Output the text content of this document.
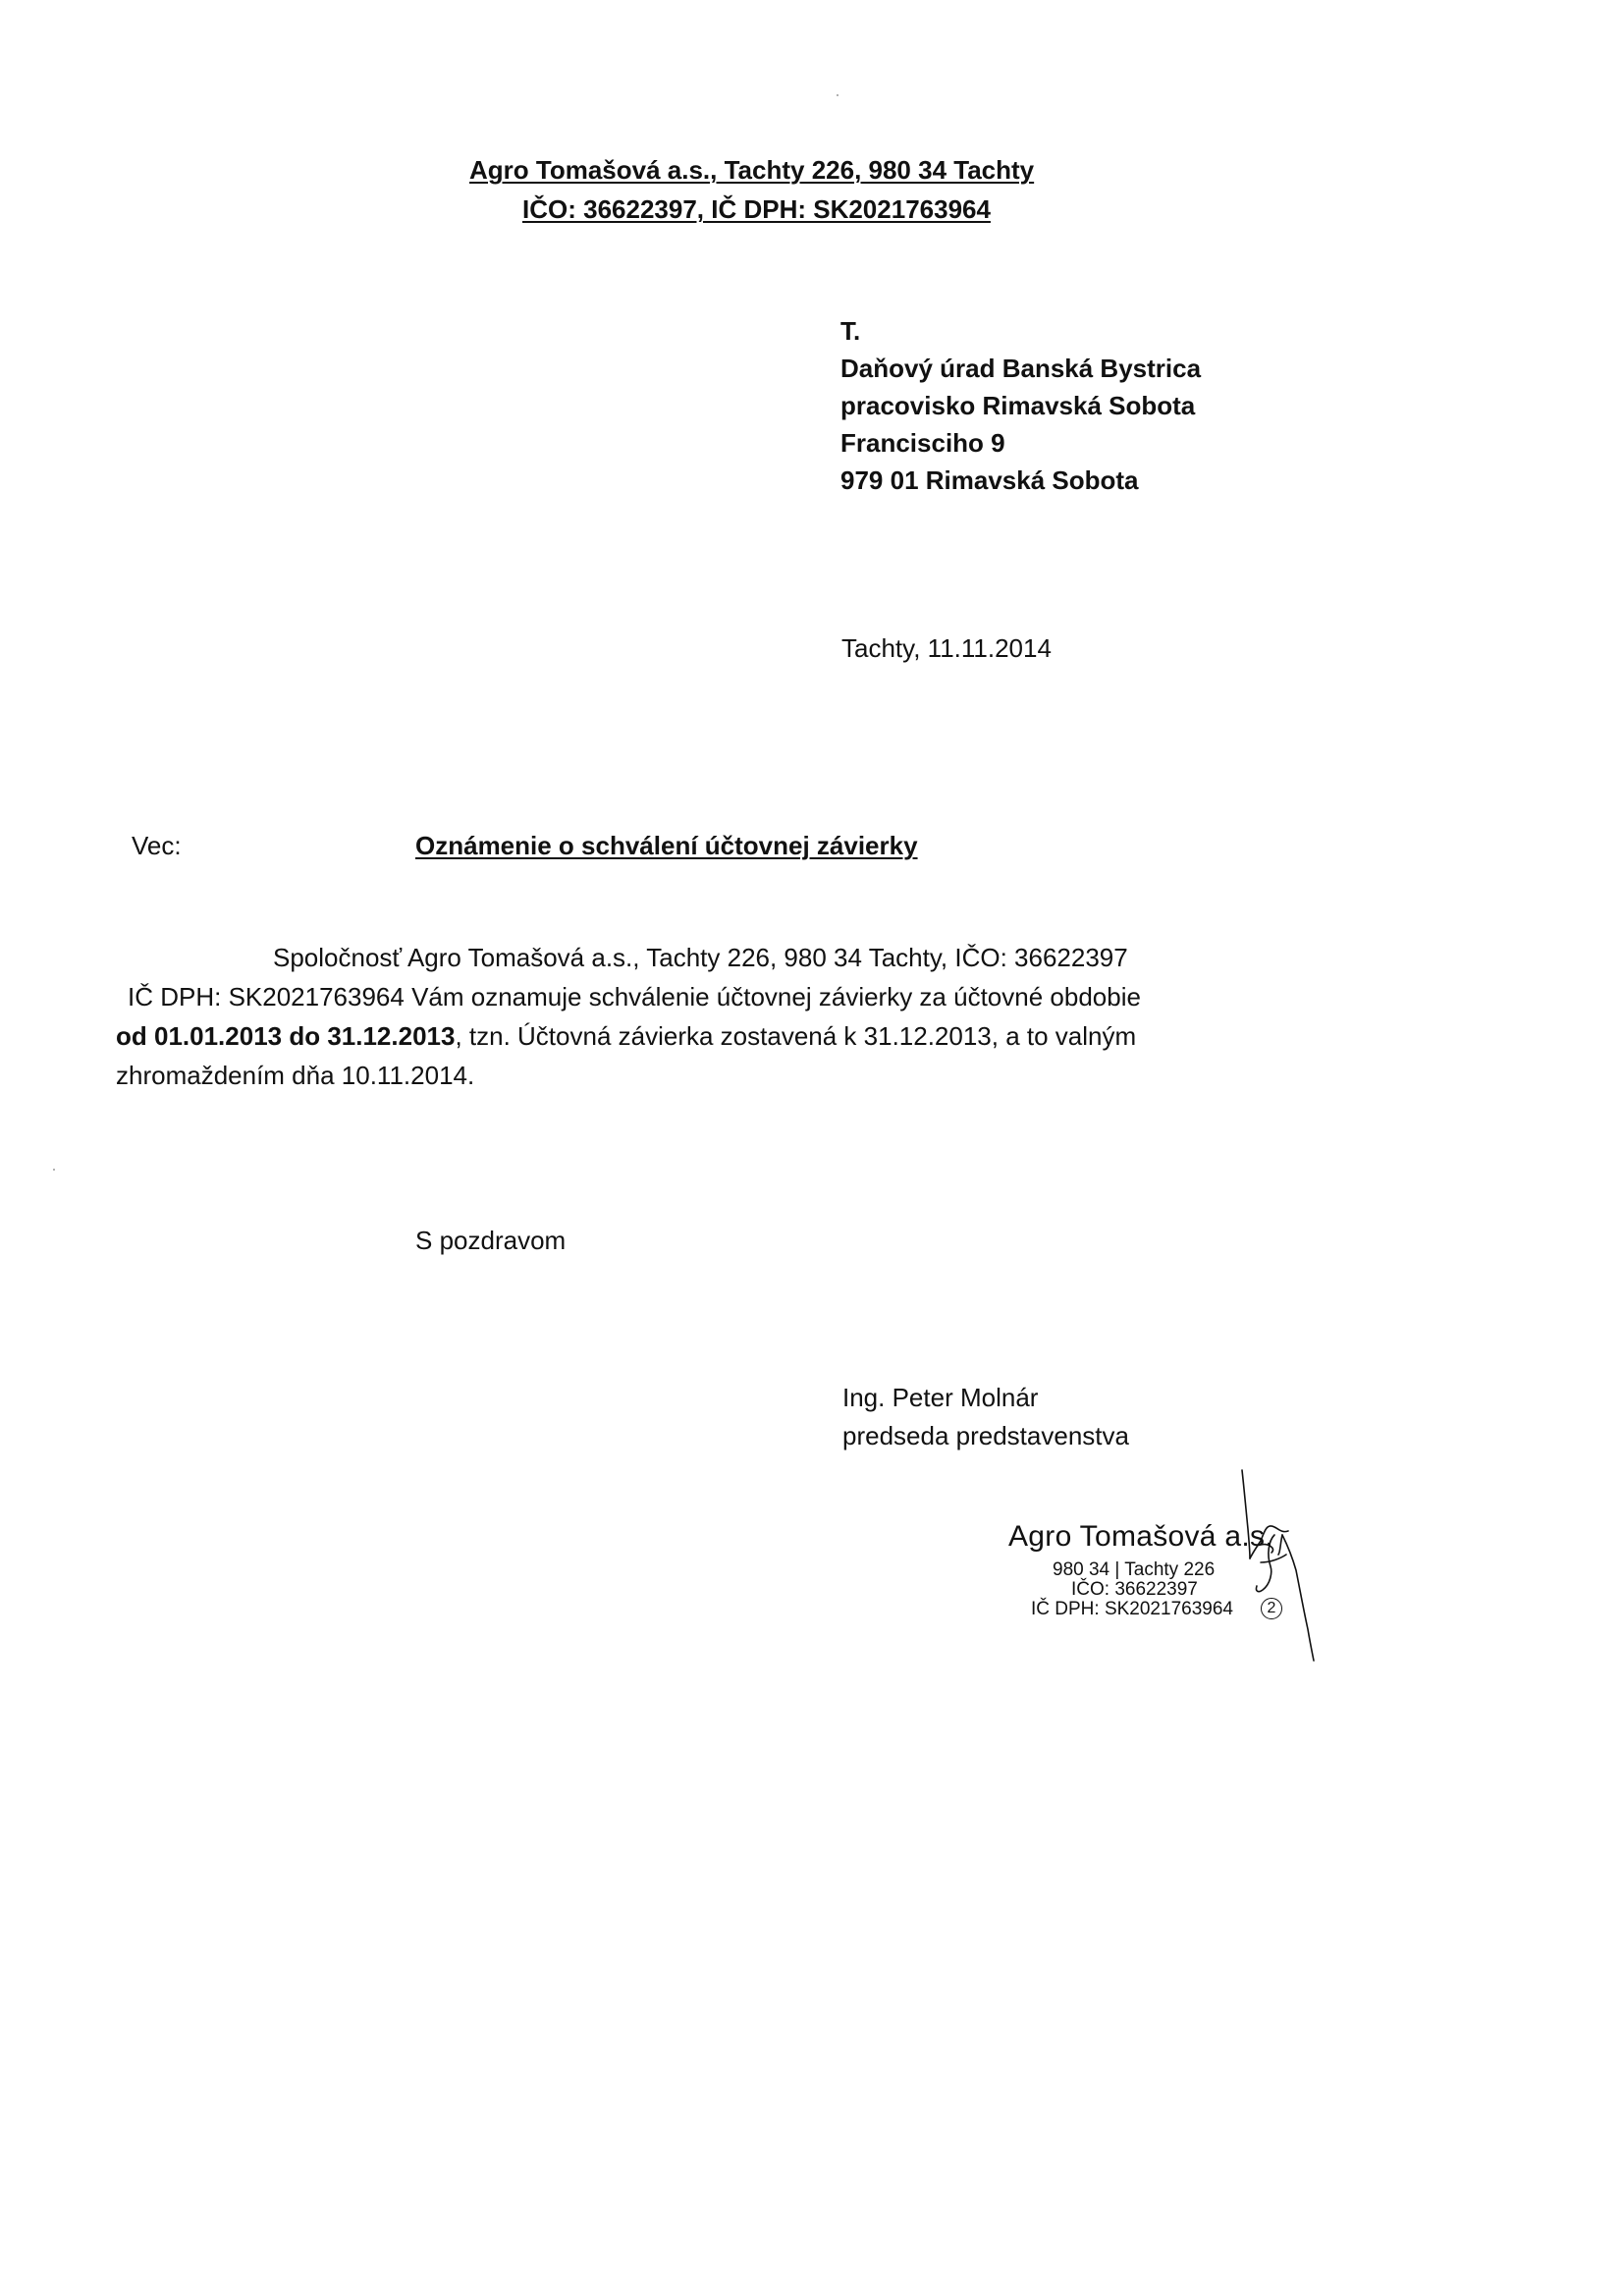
Agro Tomašová a.s., Tachty 226, 980 34 Tachty
IČO: 36622397, IČ DPH: SK2021763964
T.
Daňový úrad Banská Bystrica
pracovisko Rimavská Sobota
Francisciho 9
979 01 Rimavská Sobota
Tachty, 11.11.2014
Vec:	Oznámenie o schválení účtovnej závierky
Spoločnosť Agro Tomašová a.s., Tachty 226, 980 34 Tachty, IČO: 36622397
IČ DPH: SK2021763964 Vám oznamuje schválenie účtovnej závierky za účtovné obdobie
od 01.01.2013 do 31.12.2013, tzn. Účtovná závierka zostavená k 31.12.2013, a to valným
zhromaždením dňa 10.11.2014.
S pozdravom
Ing. Peter Molnár
predseda predstavenstva
Agro Tomašová a.s.
980 34 | Tachty 226
IČO: 36622397
IČ DPH: SK2021763964	2
